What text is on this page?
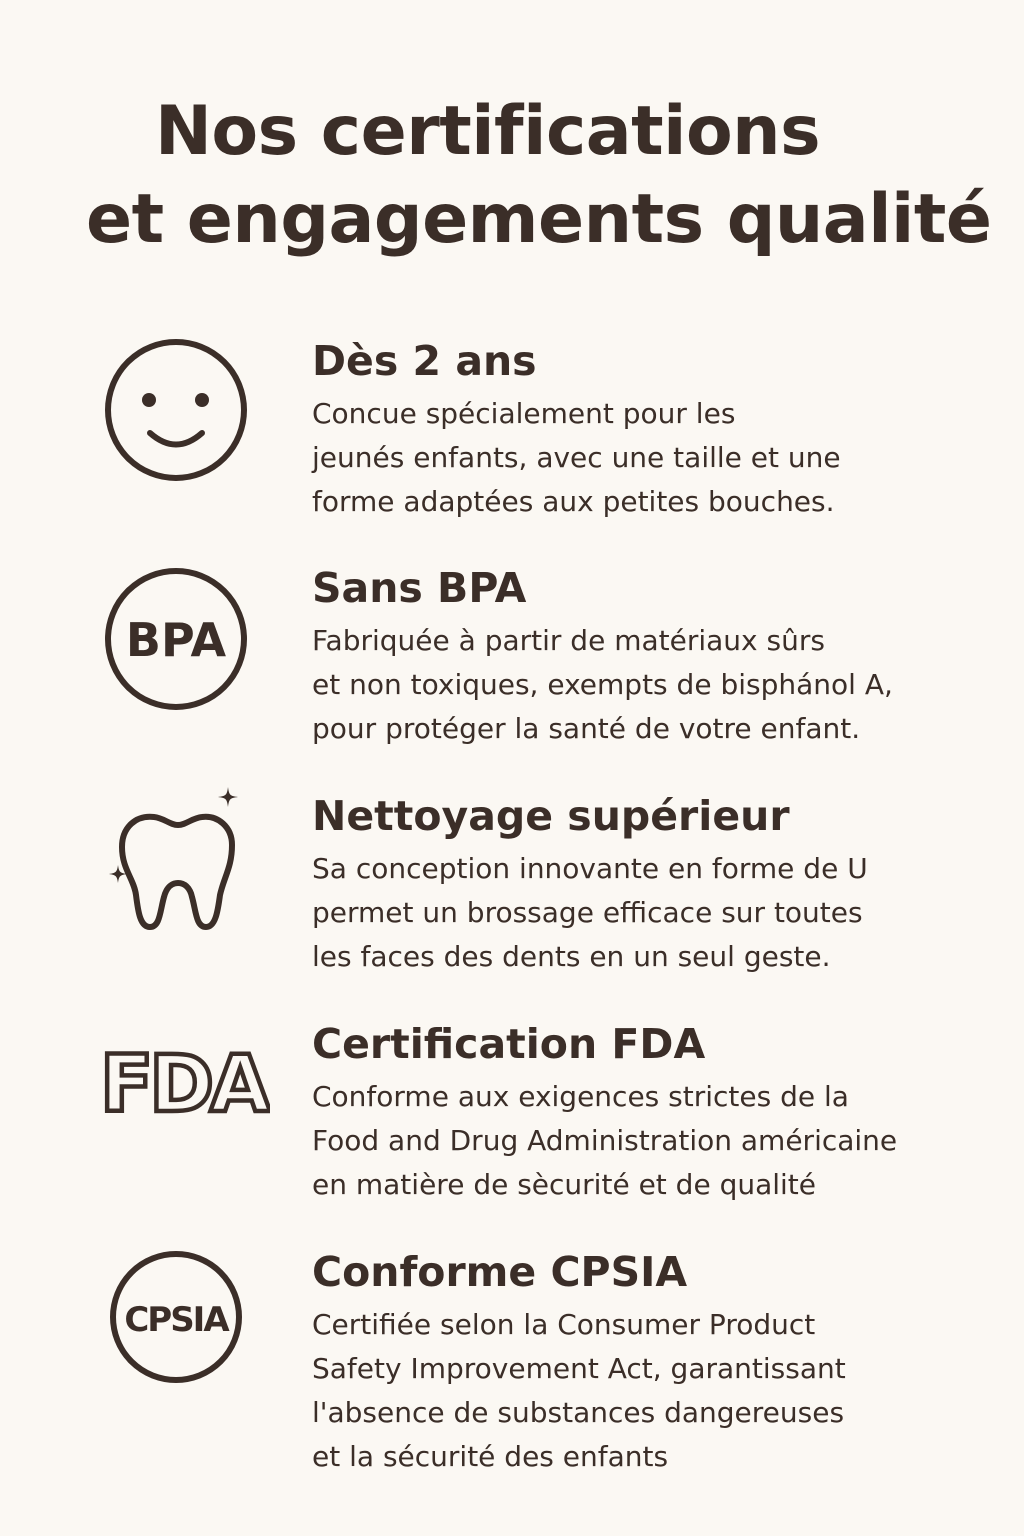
Nos certifications
et engagements qualité
Dès 2 ans

Concue spécialement pour les
jeunés enfants, avec une taille et une
forme adaptées aux petites bouches.

BPA
Sans BPA

Fabriquée à partir de matériaux sûrs
et non toxiques, exempts de bisphánol A,
pour protéger la santé de votre enfant.

Nettoyage supérieur

Sa conception innovante en forme de U
permet un brossage efficace sur toutes
les faces des dents en un seul geste.

FDA Certification FDA

Conforme aux exigences strictes de la
Food and Drug Administration américaine
en matière de sècurité et de qualité

CPSIA
Conforme CPSIA

Certifiée selon la Consumer Product
Safety Improvement Act, garantissant
l'absence de substances dangereuses
et la sécurité des enfants
